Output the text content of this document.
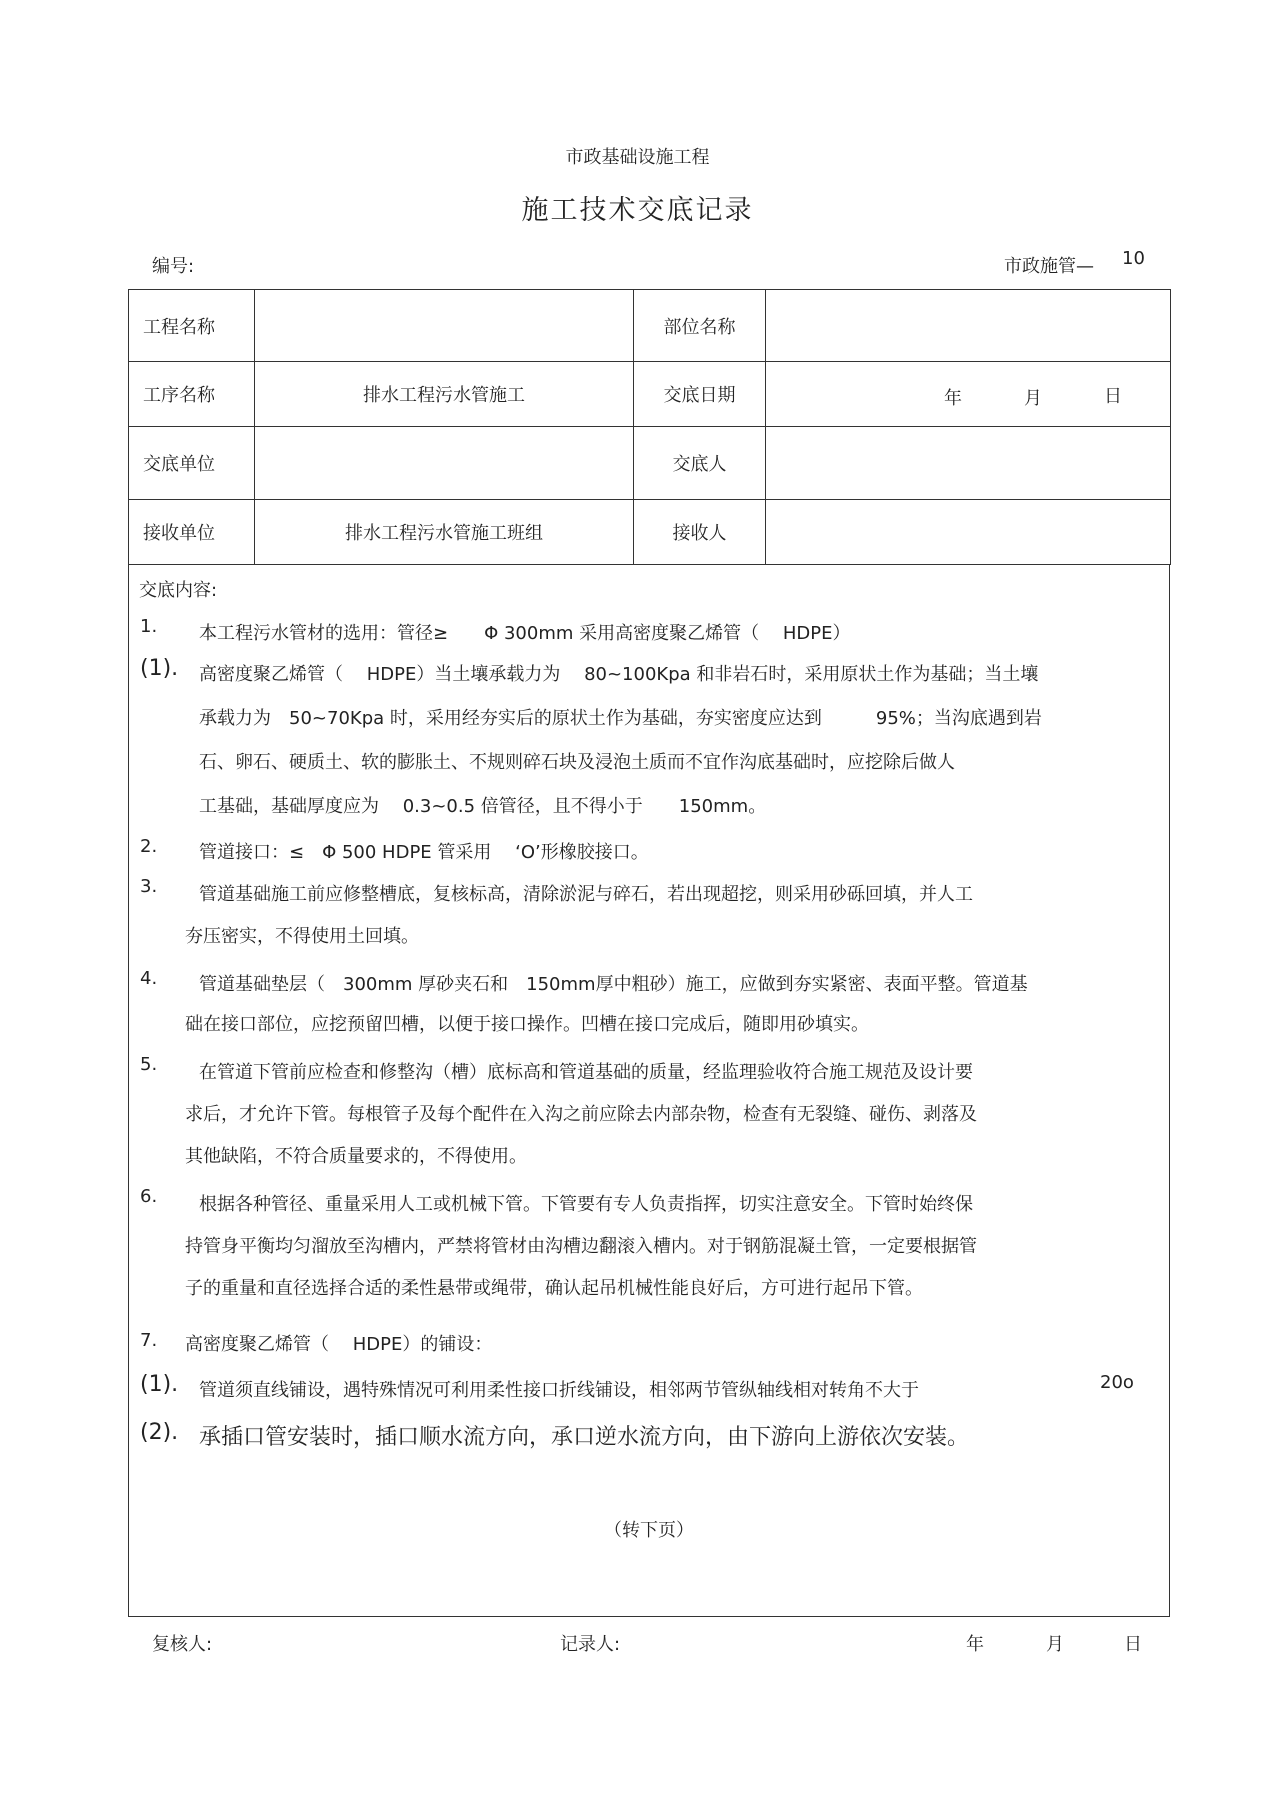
市政基础设施工程
施工技术交底记录
编号:	市政施管— 10
工程名称		部位名称	
工序名称	排水工程污水管施工	交底日期	年 月 日

交底单位		交底人	
接收单位	排水工程污水管施工班组	接收人	
交底内容:
1. 本工程污水管材的选用：管径≥　　Φ 300mm 采用高密度聚乙烯管（　 HDPE）
(1). 高密度聚乙烯管（　 HDPE）当土壤承载力为　 80~100Kpa 和非岩石时，采用原状土作为基础；当土壤
承载力为　50~70Kpa 时，采用经夯实后的原状土作为基础，夯实密度应达到　　　95%；当沟底遇到岩
石、卵石、硬质土、软的膨胀土、不规则碎石块及浸泡土质而不宜作沟底基础时，应挖除后做人
工基础，基础厚度应为　 0.3~0.5 倍管径，且不得小于　　150mm。
2. 管道接口：≤　Φ 500 HDPE 管采用　 ‘O’形橡胶接口。
3. 管道基础施工前应修整槽底，复核标高，清除淤泥与碎石，若出现超挖，则采用砂砾回填，并人工
夯压密实，不得使用土回填。
4. 管道基础垫层（　300mm 厚砂夹石和　150mm厚中粗砂）施工，应做到夯实紧密、表面平整。管道基
础在接口部位，应挖预留凹槽，以便于接口操作。凹槽在接口完成后，随即用砂填实。
5. 在管道下管前应检查和修整沟（槽）底标高和管道基础的质量，经监理验收符合施工规范及设计要
求后，才允许下管。每根管子及每个配件在入沟之前应除去内部杂物，检查有无裂缝、碰伤、剥落及
其他缺陷，不符合质量要求的，不得使用。
6. 根据各种管径、重量采用人工或机械下管。下管要有专人负责指挥，切实注意安全。下管时始终保
持管身平衡均匀溜放至沟槽内，严禁将管材由沟槽边翻滚入槽内。对于钢筋混凝土管，一定要根据管
子的重量和直径选择合适的柔性悬带或绳带，确认起吊机械性能良好后，方可进行起吊下管。
7. 高密度聚乙烯管（　 HDPE）的铺设：
(1). 管道须直线铺设，遇特殊情况可利用柔性接口折线铺设，相邻两节管纵轴线相对转角不大于	20o
(2). 承插口管安装时，插口顺水流方向，承口逆水流方向，由下游向上游依次安装。
（转下页）
复核人:	记录人:	年	月	日
